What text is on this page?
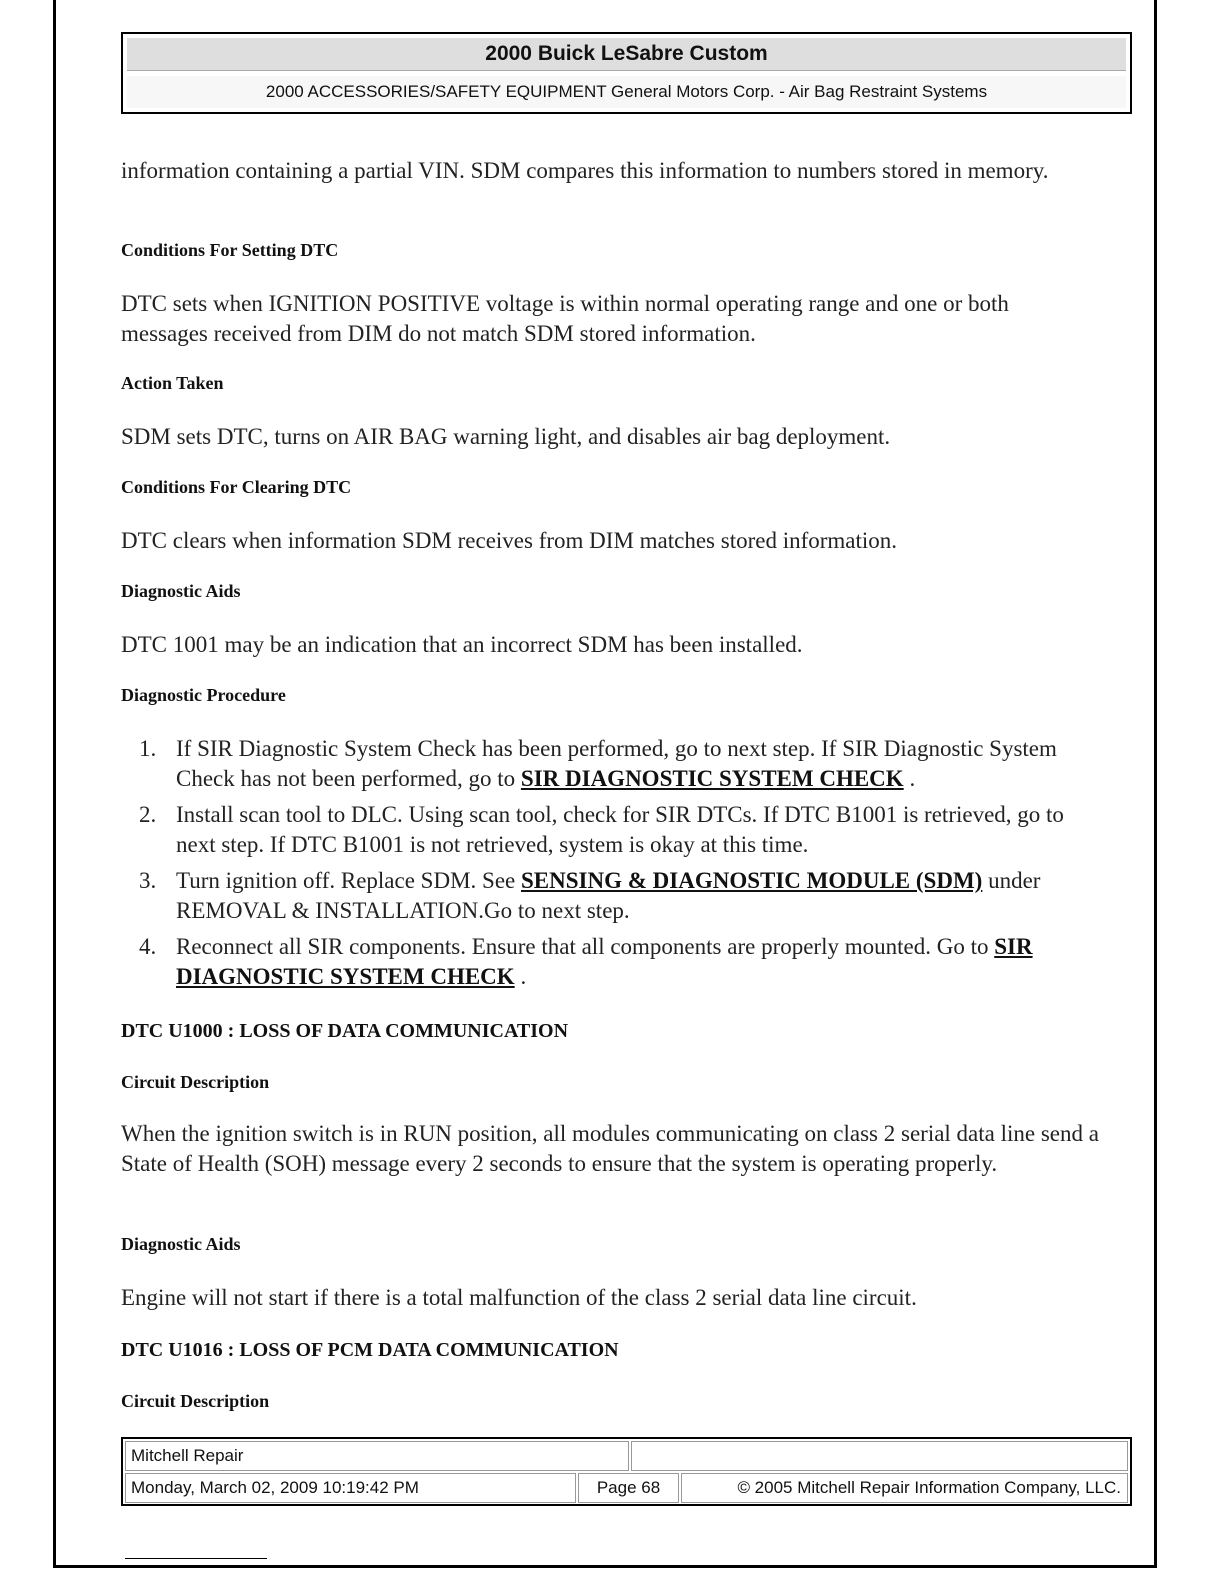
2000 Buick LeSabre Custom
2000 ACCESSORIES/SAFETY EQUIPMENT General Motors Corp. - Air Bag Restraint Systems

information containing a partial VIN. SDM compares this information to numbers stored in memory.

Conditions For Setting DTC

DTC sets when IGNITION POSITIVE voltage is within normal operating range and one or both messages received from DIM do not match SDM stored information.

Action Taken

SDM sets DTC, turns on AIR BAG warning light, and disables air bag deployment.

Conditions For Clearing DTC

DTC clears when information SDM receives from DIM matches stored information.

Diagnostic Aids

DTC 1001 may be an indication that an incorrect SDM has been installed.

Diagnostic Procedure

1. If SIR Diagnostic System Check has been performed, go to next step. If SIR Diagnostic System Check has not been performed, go to SIR DIAGNOSTIC SYSTEM CHECK .
2. Install scan tool to DLC. Using scan tool, check for SIR DTCs. If DTC B1001 is retrieved, go to next step. If DTC B1001 is not retrieved, system is okay at this time.
3. Turn ignition off. Replace SDM. See SENSING & DIAGNOSTIC MODULE (SDM) under REMOVAL & INSTALLATION.Go to next step.
4. Reconnect all SIR components. Ensure that all components are properly mounted. Go to SIR DIAGNOSTIC SYSTEM CHECK .

DTC U1000 : LOSS OF DATA COMMUNICATION

Circuit Description

When the ignition switch is in RUN position, all modules communicating on class 2 serial data line send a State of Health (SOH) message every 2 seconds to ensure that the system is operating properly.

Diagnostic Aids

Engine will not start if there is a total malfunction of the class 2 serial data line circuit.

DTC U1016 : LOSS OF PCM DATA COMMUNICATION

Circuit Description

Mitchell Repair
Monday, March 02, 2009 10:19:42 PM	Page 68	© 2005 Mitchell Repair Information Company, LLC.
